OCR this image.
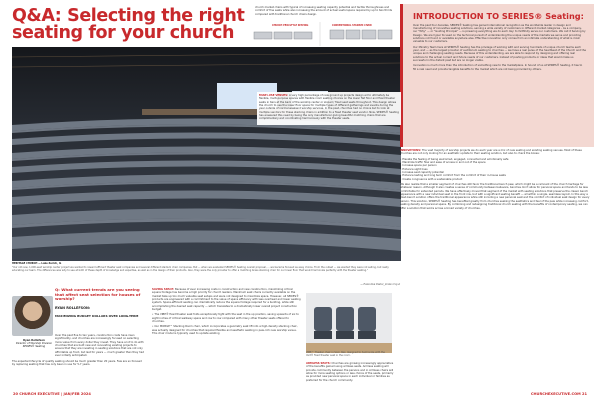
Q&A: Selecting the right seating for your church
church market chairs with typical of increasing seating capacity potential and tactile thoroughness and comfort of fine seats while also increasing the amount of actual useful space required by up to two thirds compared with traditional church chairs design.
CHURCH PEW-STYLE SEATING	CONVENTIONAL STADIUM CHAIR
INTRODUCTION TO SERIES® Seating:

Over the past four decades, SERIES® Seating has gained international recognition as the worldwide leader in design and manufacturing of innovative seating solutions, serving a wide variety of customers in different market categories - As a company, our "Why" — or "Guiding Principal" — is powering everything we do each day: to faithfully serve our customers. We call it Serving by Design. We are hyper focused on the technical pursuit of understanding the unique needs of the markets we serve and providing solutions not found or available anywhere else. Effective innovation only comes from an intimate understanding of what is most valuable to our customers.

Our Ministry Team here at SERIES® Seating has the privilege of working with and serving hundreds of unique church teams each year, and — as the largest provider of auditorium seating to churches — we have a real pulse of the heartbeat of the Church and the unique and challenging seating needs. Because of this understanding, we are able to respond by designing and offering real solutions to the actual current and future needs of our customers. Instead of pushing products or ideas that would make us successful in the distant past but are no longer viable.

Innovation is much more than the introduction of something new to the marketplace. In Sound of us at SERIES® Seating, it has to fill a real need and provide tangible benefits to the market which are not being provided by others.

INNOVATIONS: The vast majority of worship projects we do each year are a mix of new seating and existing seating venues. Most of these churches are not only looking for an aesthetic update to their seating solution, but also to check the boxes:

• Elevate the feeling of being welcomed, engaged, connected and emotionally safe

• Maximize traffic flow and ease of access in and out of the space

• Increase space per person

• Enhance sight lines

• Increase seat capacity potential

• Enhance lasting and long term comfort from the comfort of their in-house seats

• Create congruence with a sustainable product

We also realize that a smaller segment of churches still favor the traditional bench pew, which might be a remnant of the church heritage for whatever reason. Although it also creates a sense of community between believers, benches don't allow for personal space and tends to be less comfortable for extended periods. We have effectively moved that segment of the market with seating solutions that preserve the classic bench appearance with a new individual seat in the front row, but with a significant seating benefit — all within a single, seamless layout. In this way a fixed-bench solution offers the traditional appearance while still including a new personal seat and the comfort of individual seat design for every person. This solution, SERIES® Seating has benefited greatly from churches seeking the aesthetics and feel of the pew while increasing comfort, seating density and personal space. By combining and redesigning traditional church seating with the benefits of contemporary seating, we can offer a solution that works across a broad variety of churches.

HERITAGE CHURCH — Lake Zurich, IL
"Our old new, 1,000-seat worship center project we wanted to reward efficient theater seat companies and several different stadium chair companies. But — when we evaluated SERIES® Seating overall proposal, ... we became focused as easy choice. From the outset — we wanted they were not selling, but really educating our team. The differences was why to see at both of these depth of knowledge and expertise, as well as in the design of their products. Also, they were the only provider to offer a matching brass stacking chair for our lower floor that would harmonize perfectly with the theater seating."
— Executive Pastor, Jordan Coyul
Q: What current trends are you seeing that affect seat selection for houses of worship?
RYAN ROLLEFSON:
MAXIMIZING BUDGET DOLLARS OVER LONG-TERM

Over the past five to ten years, construction costs have risen significantly, and churches are increasingly focused on selecting more value from every dollar they invest. They have a lot to do with churches that are built new and renovating existing projects to ensure that they are investing in seating solutions that are not only affordable up front, but last for years — much greater than they had ever initially anticipated.

The expected lifecycle of quality seating should be much greater than 20 years. Few are so focused by replacing seating that has only been in use for 5-7 years.

Ryan Rollefson
Director of Worship Division SERIES® Seating

SAVING SPACE: Because of ever increasing costs in construction and new construction, maximizing critical square footage has become a high priority for church leaders. Maximum seat chairs currently available on the market take up too much valuable seat setups and were not designed to maximize space. However, all SERIES® products are engineered with a commitment to the value of space efficiency with less overhead and lower seating system. Space-efficient seating can dramatically reduce the square footage required for a building, while still accomplishing the desired seat capacity — which translates to a dramatically lower overall project construction budget.

• The VIBE® fixed theater seat folds exceptionally tight with the seat in the up position, saving upwards of six to eight inches of critical walkway space and row to row compared with many other theater seats offered to churches.

• Our MOBILE™ Stacking Room chair, which incorporates a geometry seat lift into a high-density stacking chair, was actually designed for churches that required flexible and aesthetic seating in pew-rich new worship venue. This chair model is typically used to update existing

VIBE™ Theater chair in Sorz. Res: designed to harmonize with the Vert® fixed theater seat in the room.

ARMLESS SEATS: Churches are growing increasingly appreciative of the benefits gained using armless seats. Armless seating will provide community between the persons and in Armless chairs will allow for more seating options or less choice of the seats, primarily as provided new personal space in each individual or families as preferred for the church community.

20 CHURCH EXECUTIVE | JAN/FEB 2024	CHURCHEXECUTIVE.COM 21

MULTI-USE VENUES: A very high percentage of new ground up projects design ed to ultimately be flexible, multi-purpose spaces with flexible room seating choices on the lower flat floor and fixed theater seats in tiers at the back of the worship center or sloped / fixed seat seats throughout. This design allows the church to use the lower floor space for multiple types of different gatherings and events during the year outside of normal weekend worship services. In the past, churches had no choice but to look at multiple vendors for these stacking chairs in addition to a fixed theater seat vendor. Now, SERIES® Seating has answered this need by being the only manufacturer giving beautiful matching chairs that are complimentary and coordinating harmoniously with the theater seats.
